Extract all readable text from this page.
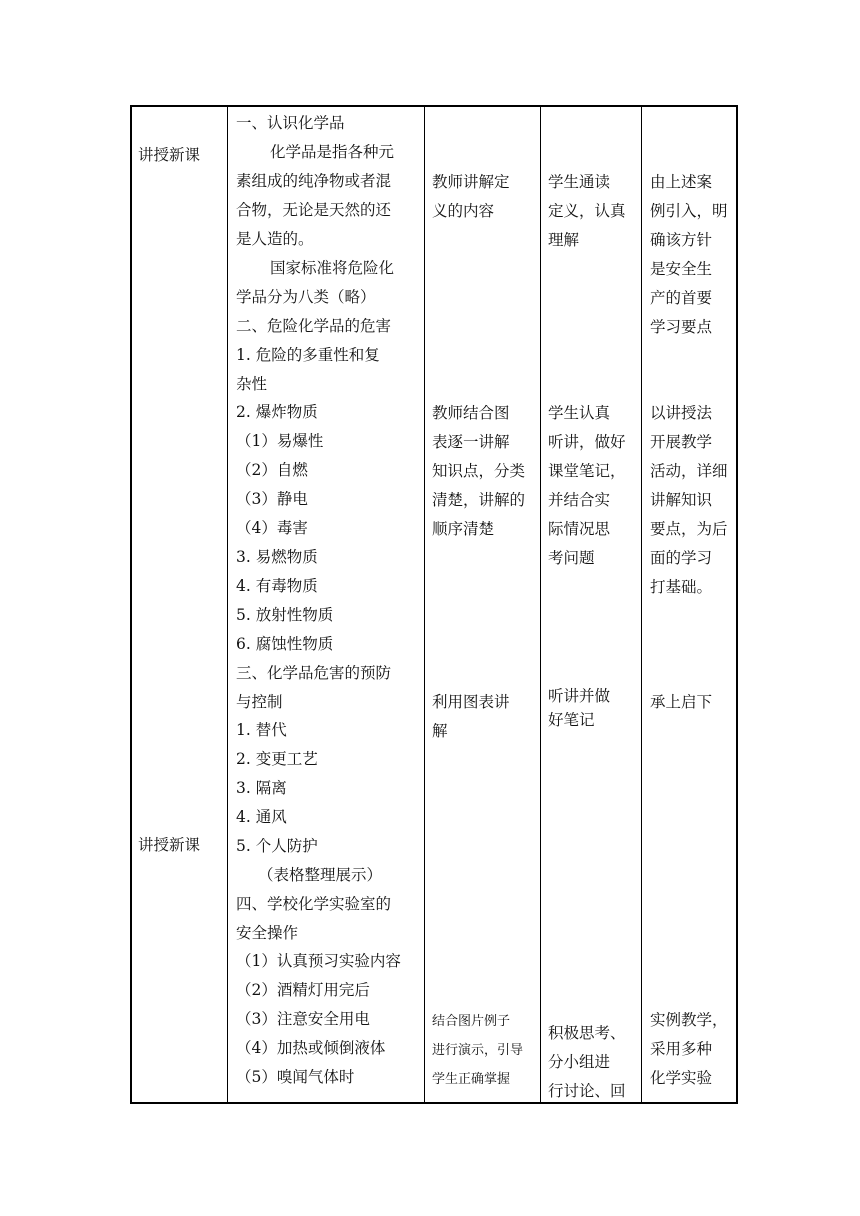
讲授新课
讲授新课
一、认识化学品
化学品是指各种元
素组成的纯净物或者混
合物，无论是天然的还
是人造的。
国家标准将危险化
学品分为八类（略）
二、危险化学品的危害
1. 危险的多重性和复
杂性
2. 爆炸物质
（1）易爆性
（2）自燃
（3）静电
（4）毒害
3. 易燃物质
4. 有毒物质
5. 放射性物质
6. 腐蚀性物质
三、化学品危害的预防
与控制
1. 替代
2. 变更工艺
3. 隔离
4. 通风
5. 个人防护
（表格整理展示）
四、学校化学实验室的
安全操作
（1）认真预习实验内容
（2）酒精灯用完后
（3）注意安全用电
（4）加热或倾倒液体
（5）嗅闻气体时
教师讲解定
义的内容
教师结合图
表逐一讲解
知识点，分类
清楚，讲解的
顺序清楚
利用图表讲
解
结合图片例子
进行演示，引导
学生正确掌握
学生通读
定义，认真
理解
学生认真
听讲，做好
课堂笔记，
并结合实
际情况思
考问题
听讲并做
好笔记
积极思考、
分小组进
行讨论、回
由上述案
例引入，明
确该方针
是安全生
产的首要
学习要点
以讲授法
开展教学
活动，详细
讲解知识
要点，为后
面的学习
打基础。
承上启下
实例教学，
采用多种
化学实验
